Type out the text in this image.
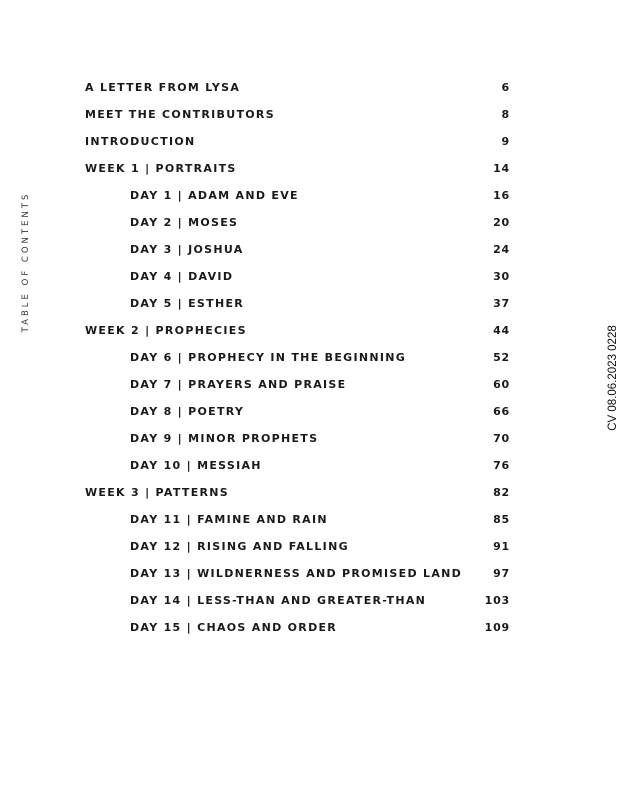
TABLE OF CONTENTS
CV 08.06.2023 0228
A LETTER FROM LYSA	6
MEET THE CONTRIBUTORS	8
INTRODUCTION	9
WEEK 1 | PORTRAITS	14
DAY 1 | ADAM AND EVE	16
DAY 2 | MOSES	20
DAY 3 | JOSHUA	24
DAY 4 | DAVID	30
DAY 5 | ESTHER	37
WEEK 2 | PROPHECIES	44
DAY 6 | PROPHECY IN THE BEGINNING	52
DAY 7 | PRAYERS AND PRAISE	60
DAY 8 | POETRY	66
DAY 9 | MINOR PROPHETS	70
DAY 10 | MESSIAH	76
WEEK 3 | PATTERNS	82
DAY 11 | FAMINE AND RAIN	85
DAY 12 | RISING AND FALLING	91
DAY 13 | WILDNERNESS AND PROMISED LAND	97
DAY 14 | LESS-THAN AND GREATER-THAN	103
DAY 15 | CHAOS AND ORDER	109
